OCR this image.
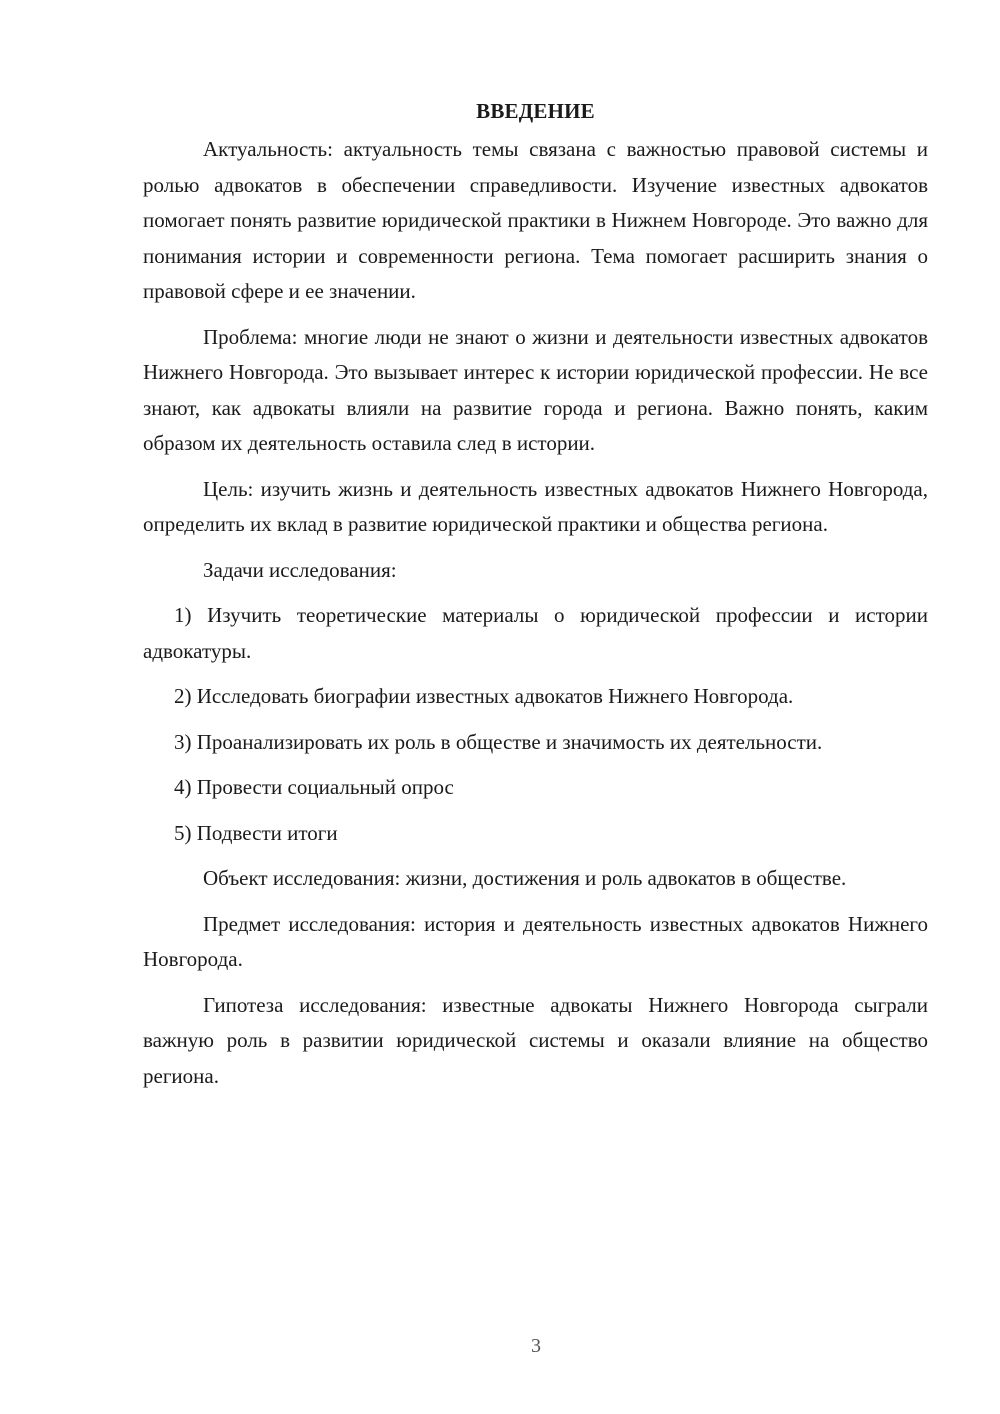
ВВЕДЕНИЕ

Актуальность: актуальность темы связана с важностью правовой системы и ролью адвокатов в обеспечении справедливости. Изучение известных адвокатов помогает понять развитие юридической практики в Нижнем Новгороде. Это важно для понимания истории и современности региона. Тема помогает расширить знания о правовой сфере и ее значении.

Проблема: многие люди не знают о жизни и деятельности известных адвокатов Нижнего Новгорода. Это вызывает интерес к истории юридической профессии. Не все знают, как адвокаты влияли на развитие города и региона. Важно понять, каким образом их деятельность оставила след в истории.

Цель: изучить жизнь и деятельность известных адвокатов Нижнего Новгорода, определить их вклад в развитие юридической практики и общества региона.

Задачи исследования:

1) Изучить теоретические материалы о юридической профессии и истории адвокатуры.

2) Исследовать биографии известных адвокатов Нижнего Новгорода.

3) Проанализировать их роль в обществе и значимость их деятельности.

4) Провести социальный опрос

5) Подвести итоги

Объект исследования: жизни, достижения и роль адвокатов в обществе.

Предмет исследования: история и деятельность известных адвокатов Нижнего Новгорода.

Гипотеза исследования: известные адвокаты Нижнего Новгорода сыграли важную роль в развитии юридической системы и оказали влияние на общество региона.

3
